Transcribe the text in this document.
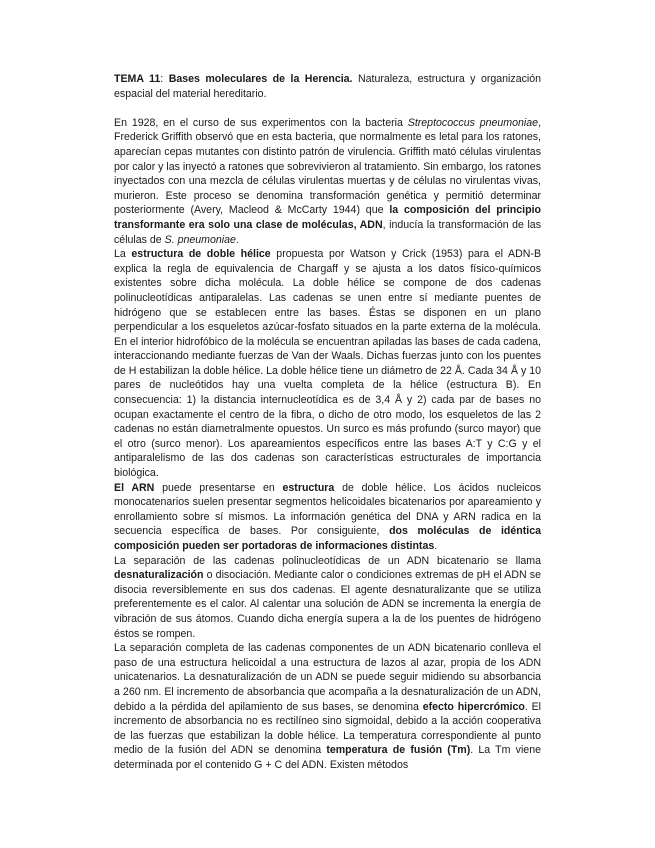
TEMA 11: Bases moleculares de la Herencia. Naturaleza, estructura y organización espacial del material hereditario.

En 1928, en el curso de sus experimentos con la bacteria Streptococcus pneumoniae, Frederick Griffith observó que en esta bacteria, que normalmente es letal para los ratones, aparecían cepas mutantes con distinto patrón de virulencia. Griffith mató células virulentas por calor y las inyectó a ratones que sobrevivieron al tratamiento. Sin embargo, los ratones inyectados con una mezcla de células virulentas muertas y de células no virulentas vivas, murieron. Este proceso se denomina transformación genética y permitió determinar posteriormente (Avery, Macleod & McCarty 1944) que la composición del principio transformante era solo una clase de moléculas, ADN, inducía la transformación de las células de S. pneumoniae.

La estructura de doble hélice propuesta por Watson y Crick (1953) para el ADN-B explica la regla de equivalencia de Chargaff y se ajusta a los datos físico-químicos existentes sobre dicha molécula. La doble hélice se compone de dos cadenas polinucleotídicas antiparalelas. Las cadenas se unen entre sí mediante puentes de hidrógeno que se establecen entre las bases. Éstas se disponen en un plano perpendicular a los esqueletos azúcar-fosfato situados en la parte externa de la molécula. En el interior hidrofóbico de la molécula se encuentran apiladas las bases de cada cadena, interaccionando mediante fuerzas de Van der Waals. Dichas fuerzas junto con los puentes de H estabilizan la doble hélice. La doble hélice tiene un diámetro de 22 Å. Cada 34 Å y 10 pares de nucleótidos hay una vuelta completa de la hélice (estructura B). En consecuencia: 1) la distancia internucleotídica es de 3,4 Å y 2) cada par de bases no ocupan exactamente el centro de la fibra, o dicho de otro modo, los esqueletos de las 2 cadenas no están diametralmente opuestos. Un surco es más profundo (surco mayor) que el otro (surco menor). Los apareamientos específicos entre las bases A:T y C:G y el antiparalelismo de las dos cadenas son características estructurales de importancia biológica.

El ARN puede presentarse en estructura de doble hélice. Los ácidos nucleicos monocatenarios suelen presentar segmentos helicoidales bicatenarios por apareamiento y enrollamiento sobre sí mismos. La información genética del DNA y ARN radica en la secuencia específica de bases. Por consiguiente, dos moléculas de idéntica composición pueden ser portadoras de informaciones distintas.

La separación de las cadenas polinucleotídicas de un ADN bicatenario se llama desnaturalización o disociación. Mediante calor o condiciones extremas de pH el ADN se disocia reversiblemente en sus dos cadenas. El agente desnaturalizante que se utiliza preferentemente es el calor. Al calentar una solución de ADN se incrementa la energía de vibración de sus átomos. Cuando dicha energía supera a la de los puentes de hidrógeno éstos se rompen.

La separación completa de las cadenas componentes de un ADN bicatenario conlleva el paso de una estructura helicoidal a una estructura de lazos al azar, propia de los ADN unicatenarios. La desnaturalización de un ADN se puede seguir midiendo su absorbancia a 260 nm. El incremento de absorbancia que acompaña a la desnaturalización de un ADN, debido a la pérdida del apilamiento de sus bases, se denomina efecto hipercrómico. El incremento de absorbancia no es rectilíneo sino sigmoidal, debido a la acción cooperativa de las fuerzas que estabilizan la doble hélice. La temperatura correspondiente al punto medio de la fusión del ADN se denomina temperatura de fusión (Tm). La Tm viene determinada por el contenido G + C del ADN. Existen métodos
